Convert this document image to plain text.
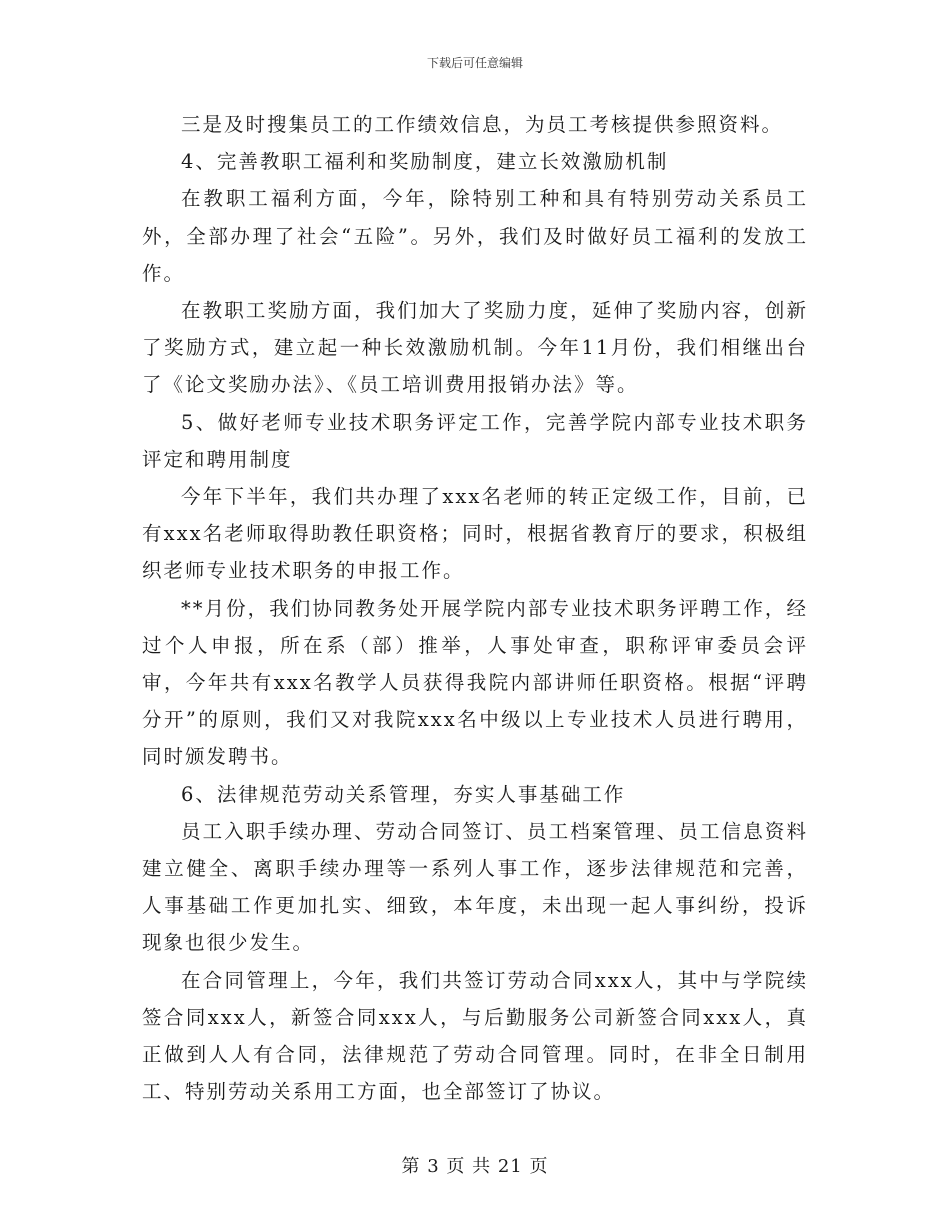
下载后可任意编辑

三是及时搜集员工的工作绩效信息，为员工考核提供参照资料。

4、完善教职工福利和奖励制度，建立长效激励机制

在教职工福利方面，今年，除特别工种和具有特别劳动关系员工外，全部办理了社会“五险”。另外，我们及时做好员工福利的发放工作。

在教职工奖励方面，我们加大了奖励力度，延伸了奖励内容，创新了奖励方式，建立起一种长效激励机制。今年11月份，我们相继出台了《论文奖励办法》、《员工培训费用报销办法》等。

5、做好老师专业技术职务评定工作，完善学院内部专业技术职务评定和聘用制度

今年下半年，我们共办理了xxx名老师的转正定级工作，目前，已有xxx名老师取得助教任职资格；同时，根据省教育厅的要求，积极组织老师专业技术职务的申报工作。

**月份，我们协同教务处开展学院内部专业技术职务评聘工作，经过个人申报，所在系（部）推举，人事处审查，职称评审委员会评审，今年共有xxx名教学人员获得我院内部讲师任职资格。根据“评聘分开”的原则，我们又对我院xxx名中级以上专业技术人员进行聘用，同时颁发聘书。

6、法律规范劳动关系管理，夯实人事基础工作

员工入职手续办理、劳动合同签订、员工档案管理、员工信息资料建立健全、离职手续办理等一系列人事工作，逐步法律规范和完善，人事基础工作更加扎实、细致，本年度，未出现一起人事纠纷，投诉现象也很少发生。

在合同管理上，今年，我们共签订劳动合同xxx人，其中与学院续签合同xxx人，新签合同xxx人，与后勤服务公司新签合同xxx人，真正做到人人有合同，法律规范了劳动合同管理。同时，在非全日制用工、特别劳动关系用工方面，也全部签订了协议。

第 3 页 共 21 页
